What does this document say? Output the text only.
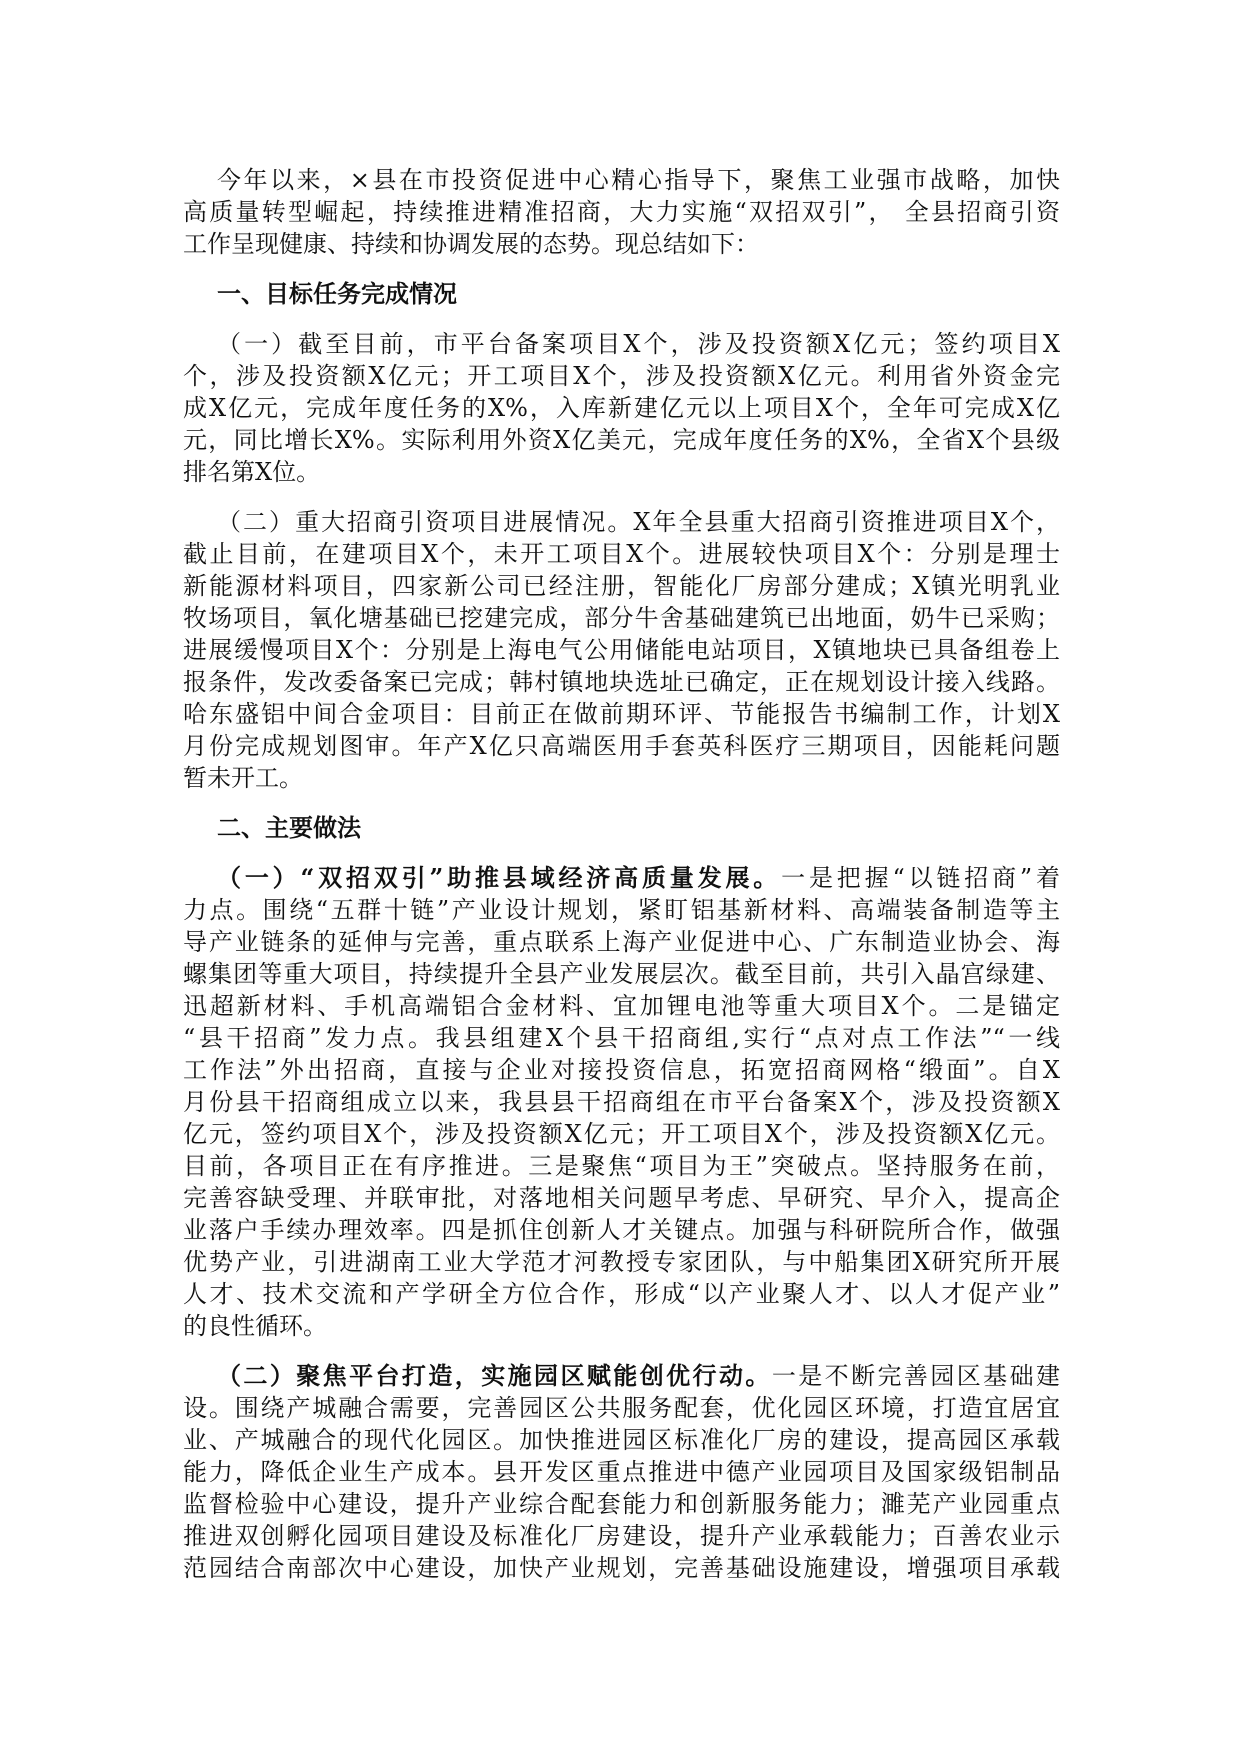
今年以来，×县在市投资促进中心精心指导下，聚焦工业强市战略，加快
高质量转型崛起，持续推进精准招商，大力实施“双招双引”， 全县招商引资
工作呈现健康、持续和协调发展的态势。现总结如下：
一、目标任务完成情况
（一）截至目前，市平台备案项目X个，涉及投资额X亿元；签约项目X
个，涉及投资额X亿元；开工项目X个，涉及投资额X亿元。利用省外资金完
成X亿元，完成年度任务的X%，入库新建亿元以上项目X个，全年可完成X亿
元，同比增长X%。实际利用外资X亿美元，完成年度任务的X%，全省X个县级
排名第X位。
（二）重大招商引资项目进展情况。X年全县重大招商引资推进项目X个，
截止目前，在建项目X个，未开工项目X个。进展较快项目X个：分别是理士
新能源材料项目，四家新公司已经注册，智能化厂房部分建成；X镇光明乳业
牧场项目，氧化塘基础已挖建完成，部分牛舍基础建筑已出地面，奶牛已采购；
进展缓慢项目X个：分别是上海电气公用储能电站项目，X镇地块已具备组卷上
报条件，发改委备案已完成；韩村镇地块选址已确定，正在规划设计接入线路。
哈东盛铝中间合金项目：目前正在做前期环评、节能报告书编制工作，计划X
月份完成规划图审。年产X亿只高端医用手套英科医疗三期项目，因能耗问题
暂未开工。
二、主要做法
（一）“双招双引”助推县域经济高质量发展。一是把握“以链招商”着
力点。围绕“五群十链”产业设计规划，紧盯铝基新材料、高端装备制造等主
导产业链条的延伸与完善，重点联系上海产业促进中心、广东制造业协会、海
螺集团等重大项目，持续提升全县产业发展层次。截至目前，共引入晶宫绿建、
迅超新材料、手机高端铝合金材料、宜加锂电池等重大项目X个。二是锚定
“县干招商”发力点。我县组建X个县干招商组,实行“点对点工作法”“一线
工作法”外出招商，直接与企业对接投资信息，拓宽招商网格“缎面”。自X
月份县干招商组成立以来，我县县干招商组在市平台备案X个，涉及投资额X
亿元，签约项目X个，涉及投资额X亿元；开工项目X个，涉及投资额X亿元。
目前，各项目正在有序推进。三是聚焦“项目为王”突破点。坚持服务在前，
完善容缺受理、并联审批，对落地相关问题早考虑、早研究、早介入，提高企
业落户手续办理效率。四是抓住创新人才关键点。加强与科研院所合作，做强
优势产业，引进湖南工业大学范才河教授专家团队，与中船集团X研究所开展
人才、技术交流和产学研全方位合作，形成“以产业聚人才、以人才促产业”
的良性循环。
（二）聚焦平台打造，实施园区赋能创优行动。一是不断完善园区基础建
设。围绕产城融合需要，完善园区公共服务配套，优化园区环境，打造宜居宜
业、产城融合的现代化园区。加快推进园区标准化厂房的建设，提高园区承载
能力，降低企业生产成本。县开发区重点推进中德产业园项目及国家级铝制品
监督检验中心建设，提升产业综合配套能力和创新服务能力；濉芜产业园重点
推进双创孵化园项目建设及标准化厂房建设，提升产业承载能力；百善农业示
范园结合南部次中心建设，加快产业规划，完善基础设施建设，增强项目承载
